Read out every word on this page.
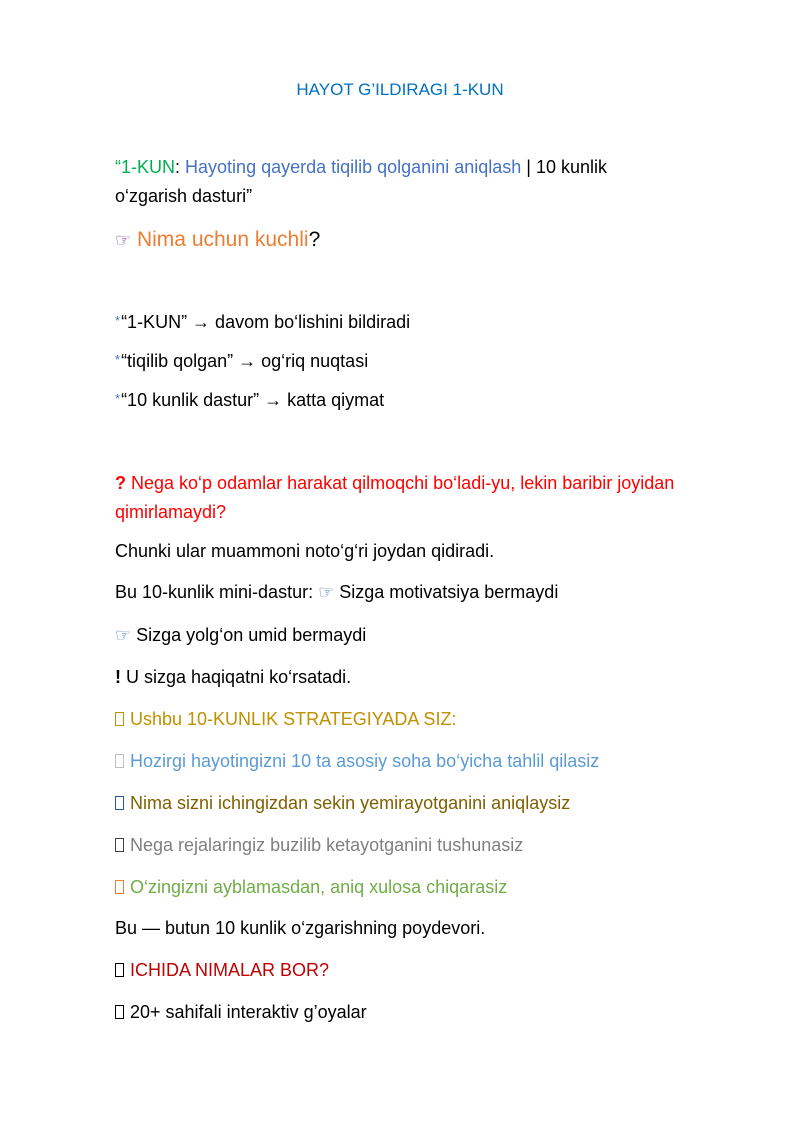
HAYOT G’ILDIRAGI 1-KUN
“1-KUN: Hayoting qayerda tiqilib qolganini aniqlash | 10 kunlik
o‘zgarish dasturi”
☞ Nima uchun kuchli?
*“1-KUN” → davom bo‘lishini bildiradi
*“tiqilib qolgan” → og‘riq nuqtasi
*“10 kunlik dastur” → katta qiymat
? Nega ko‘p odamlar harakat qilmoqchi bo‘ladi-yu, lekin baribir joyidan
qimirlamaydi?
Chunki ular muammoni noto‘g‘ri joydan qidiradi.
Bu 10-kunlik mini-dastur: ☞ Sizga motivatsiya bermaydi
☞ Sizga yolg‘on umid bermaydi
! U sizga haqiqatni ko‘rsatadi.
Ushbu 10-KUNLIK STRATEGIYADA SIZ:
Hozirgi hayotingizni 10 ta asosiy soha bo‘yicha tahlil qilasiz
Nima sizni ichingizdan sekin yemirayotganini aniqlaysiz
Nega rejalaringiz buzilib ketayotganini tushunasiz
O‘zingizni ayblamasdan, aniq xulosa chiqarasiz
Bu — butun 10 kunlik o‘zgarishning poydevori.
ICHIDA NIMALAR BOR?
20+ sahifali interaktiv g’oyalar
